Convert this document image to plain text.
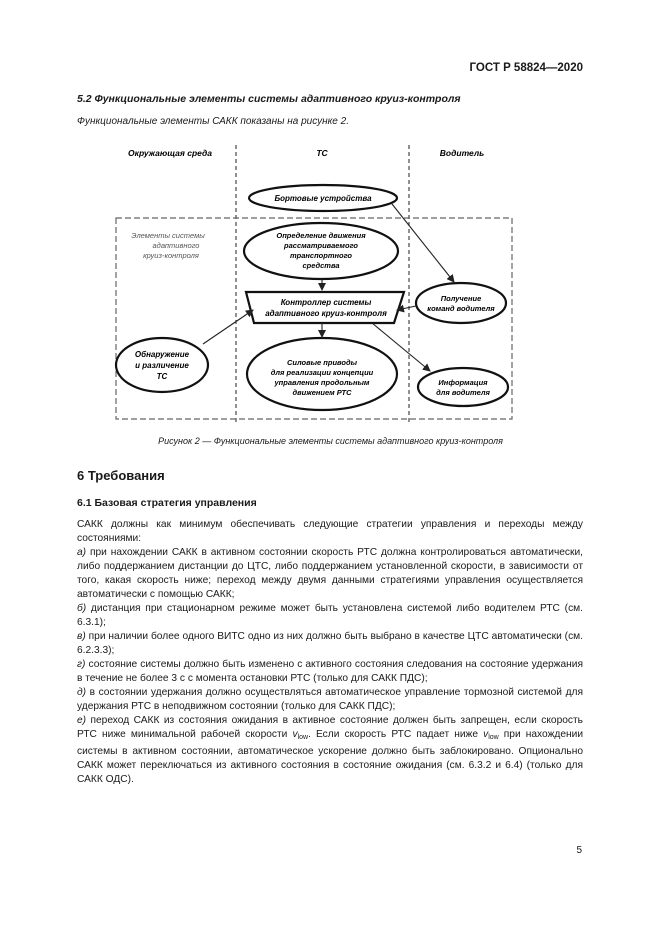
ГОСТ Р 58824—2020
5.2 Функциональные элементы системы адаптивного круиз-контроля
Функциональные элементы САКК показаны на рисунке 2.
Окружающая среда	ТС	Водитель
Элементы системы
адаптивного
круиз-контроля
Бортовые устройства
Определение движения
рассматриваемого
транспортного
средства
Контроллер системы
адаптивного круиз-контроля
Силовые приводы
для реализации концепции
управления продольным
движением РТС
Обнаружение
и различение
ТС
Получение
команд водителя
Информация
для водителя
Рисунок 2 — Функциональные элементы системы адаптивного круиз-контроля
6 Требования
6.1 Базовая стратегия управления

САКК должны как минимум обеспечивать следующие стратегии управления и переходы между состояниями:

а) при нахождении САКК в активном состоянии скорость РТС должна контролироваться автоматически, либо поддержанием дистанции до ЦТС, либо поддержанием установленной скорости, в зависимости от того, какая скорость ниже; переход между двумя данными стратегиями управления осуществляется автоматически с помощью САКК;

б) дистанция при стационарном режиме может быть установлена системой либо водителем РТС (см. 6.3.1);

в) при наличии более одного ВИТС одно из них должно быть выбрано в качестве ЦТС автоматически (см. 6.2.3.3);

г) состояние системы должно быть изменено с активного состояния следования на состояние удержания в течение не более 3 с с момента остановки РТС (только для САКК ПДС);

д) в состоянии удержания должно осуществляться автоматическое управление тормозной системой для удержания РТС в неподвижном состоянии (только для САКК ПДС);

е) переход САКК из состояния ожидания в активное состояние должен быть запрещен, если скорость РТС ниже минимальной рабочей скорости $v_{low}$. Если скорость РТС падает ниже $v_{low}$ при нахождении системы в активном состоянии, автоматическое ускорение должно быть заблокировано. Опционально САКК может переключаться из активного состояния в состояние ожидания (см. 6.3.2 и 6.4) (только для САКК ОДС).

5
